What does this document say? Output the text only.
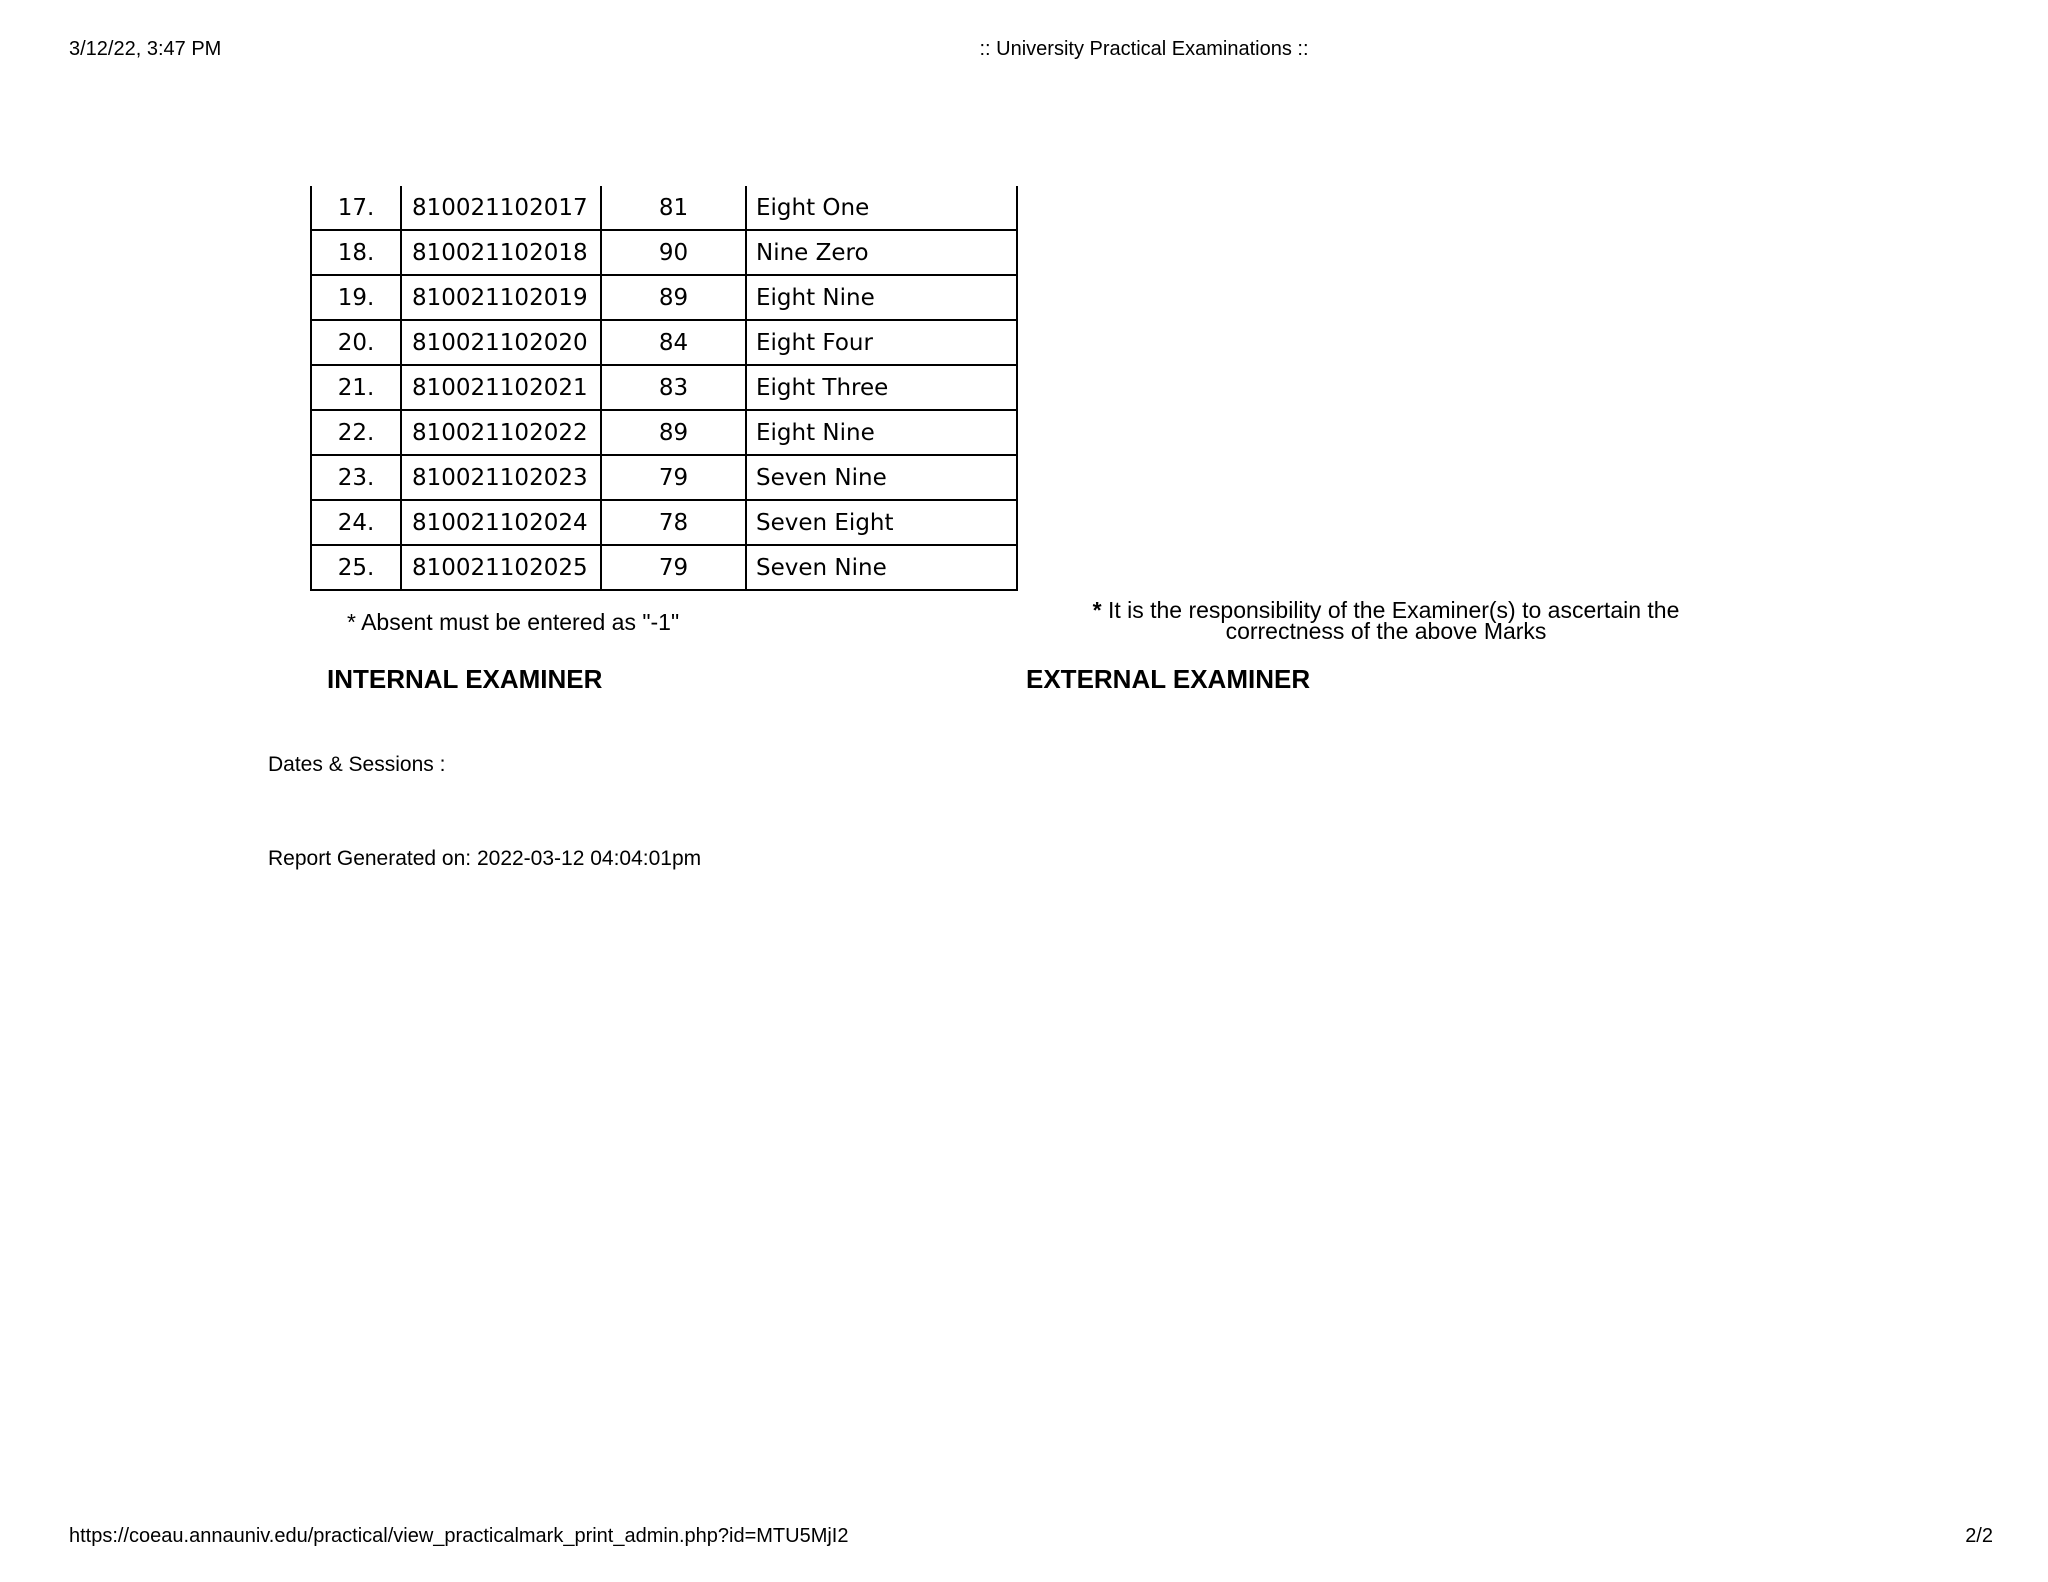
3/12/22, 3:47 PM	:: University Practical Examinations ::
17.	810021102017	81	Eight One
18.	810021102018	90	Nine Zero
19.	810021102019	89	Eight Nine
20.	810021102020	84	Eight Four
21.	810021102021	83	Eight Three
22.	810021102022	89	Eight Nine
23.	810021102023	79	Seven Nine
24.	810021102024	78	Seven Eight
25.	810021102025	79	Seven Nine
* Absent must be entered as "-1"	* It is the responsibility of the Examiner(s) to ascertain the correctness of the above Marks
INTERNAL EXAMINER	EXTERNAL EXAMINER
Dates & Sessions :
Report Generated on: 2022-03-12 04:04:01pm
https://coeau.annauniv.edu/practical/view_practicalmark_print_admin.php?id=MTU5MjI2	2/2
